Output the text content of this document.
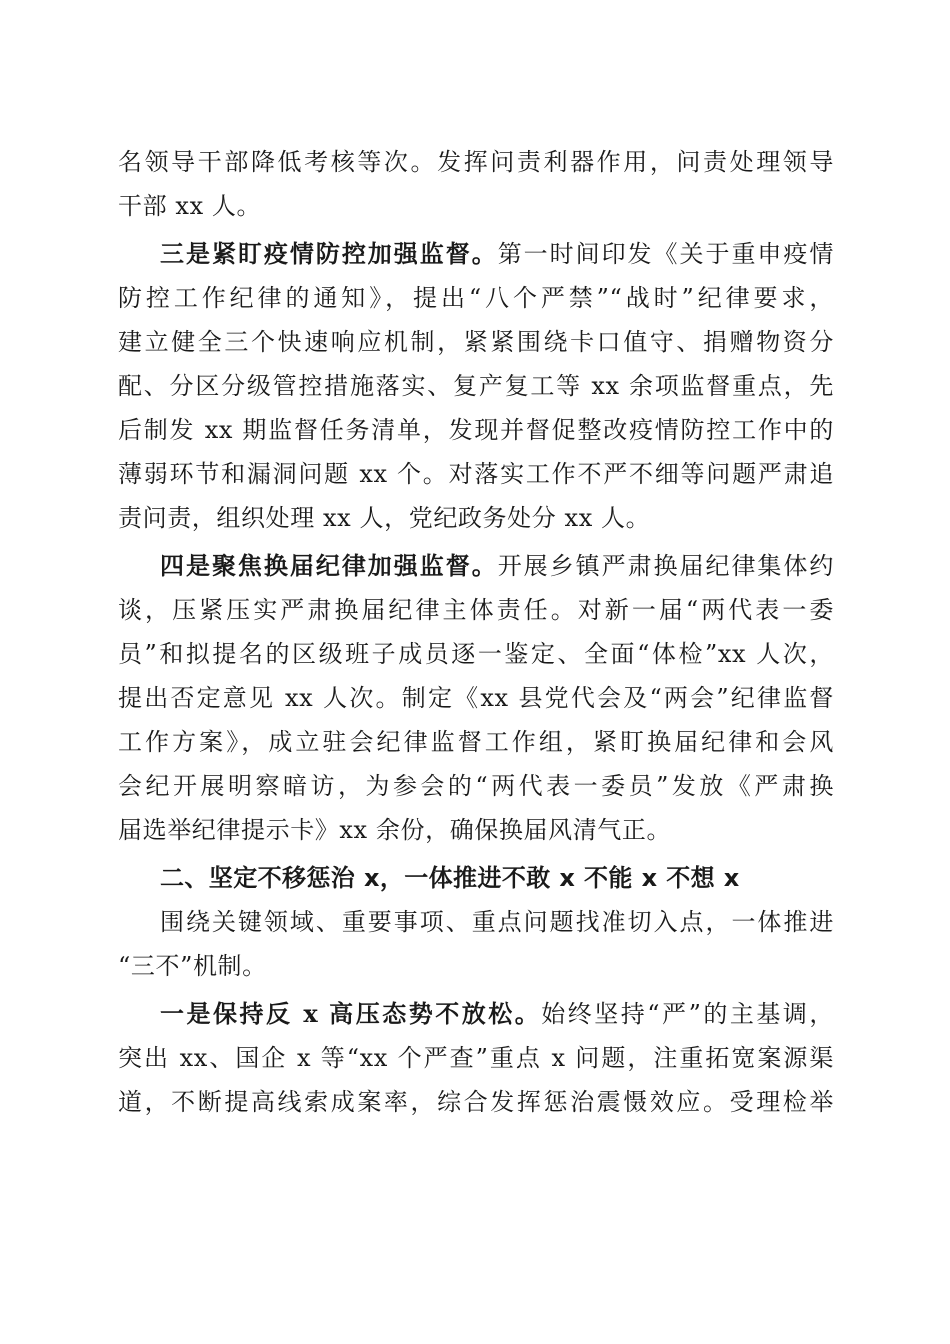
名领导干部降低考核等次。发挥问责利器作用，问责处理领导
干部 xx 人。
三是紧盯疫情防控加强监督。第一时间印发《关于重申疫情
防控工作纪律的通知》，提出“八个严禁”“战时”纪律要求，
建立健全三个快速响应机制，紧紧围绕卡口值守、捐赠物资分
配、分区分级管控措施落实、复产复工等 xx 余项监督重点，先
后制发 xx 期监督任务清单，发现并督促整改疫情防控工作中的
薄弱环节和漏洞问题 xx 个。对落实工作不严不细等问题严肃追
责问责，组织处理 xx 人，党纪政务处分 xx 人。
四是聚焦换届纪律加强监督。开展乡镇严肃换届纪律集体约
谈，压紧压实严肃换届纪律主体责任。对新一届“两代表一委
员”和拟提名的区级班子成员逐一鉴定、全面“体检”xx 人次，
提出否定意见 xx 人次。制定《xx 县党代会及“两会”纪律监督
工作方案》，成立驻会纪律监督工作组，紧盯换届纪律和会风
会纪开展明察暗访，为参会的“两代表一委员”发放《严肃换
届选举纪律提示卡》xx 余份，确保换届风清气正。
二、坚定不移惩治 x，一体推进不敢 x 不能 x 不想 x
围绕关键领域、重要事项、重点问题找准切入点，一体推进
“三不”机制。
一是保持反 x 高压态势不放松。始终坚持“严”的主基调，
突出 xx、国企 x 等“xx 个严查”重点 x 问题，注重拓宽案源渠
道，不断提高线索成案率，综合发挥惩治震慑效应。受理检举
